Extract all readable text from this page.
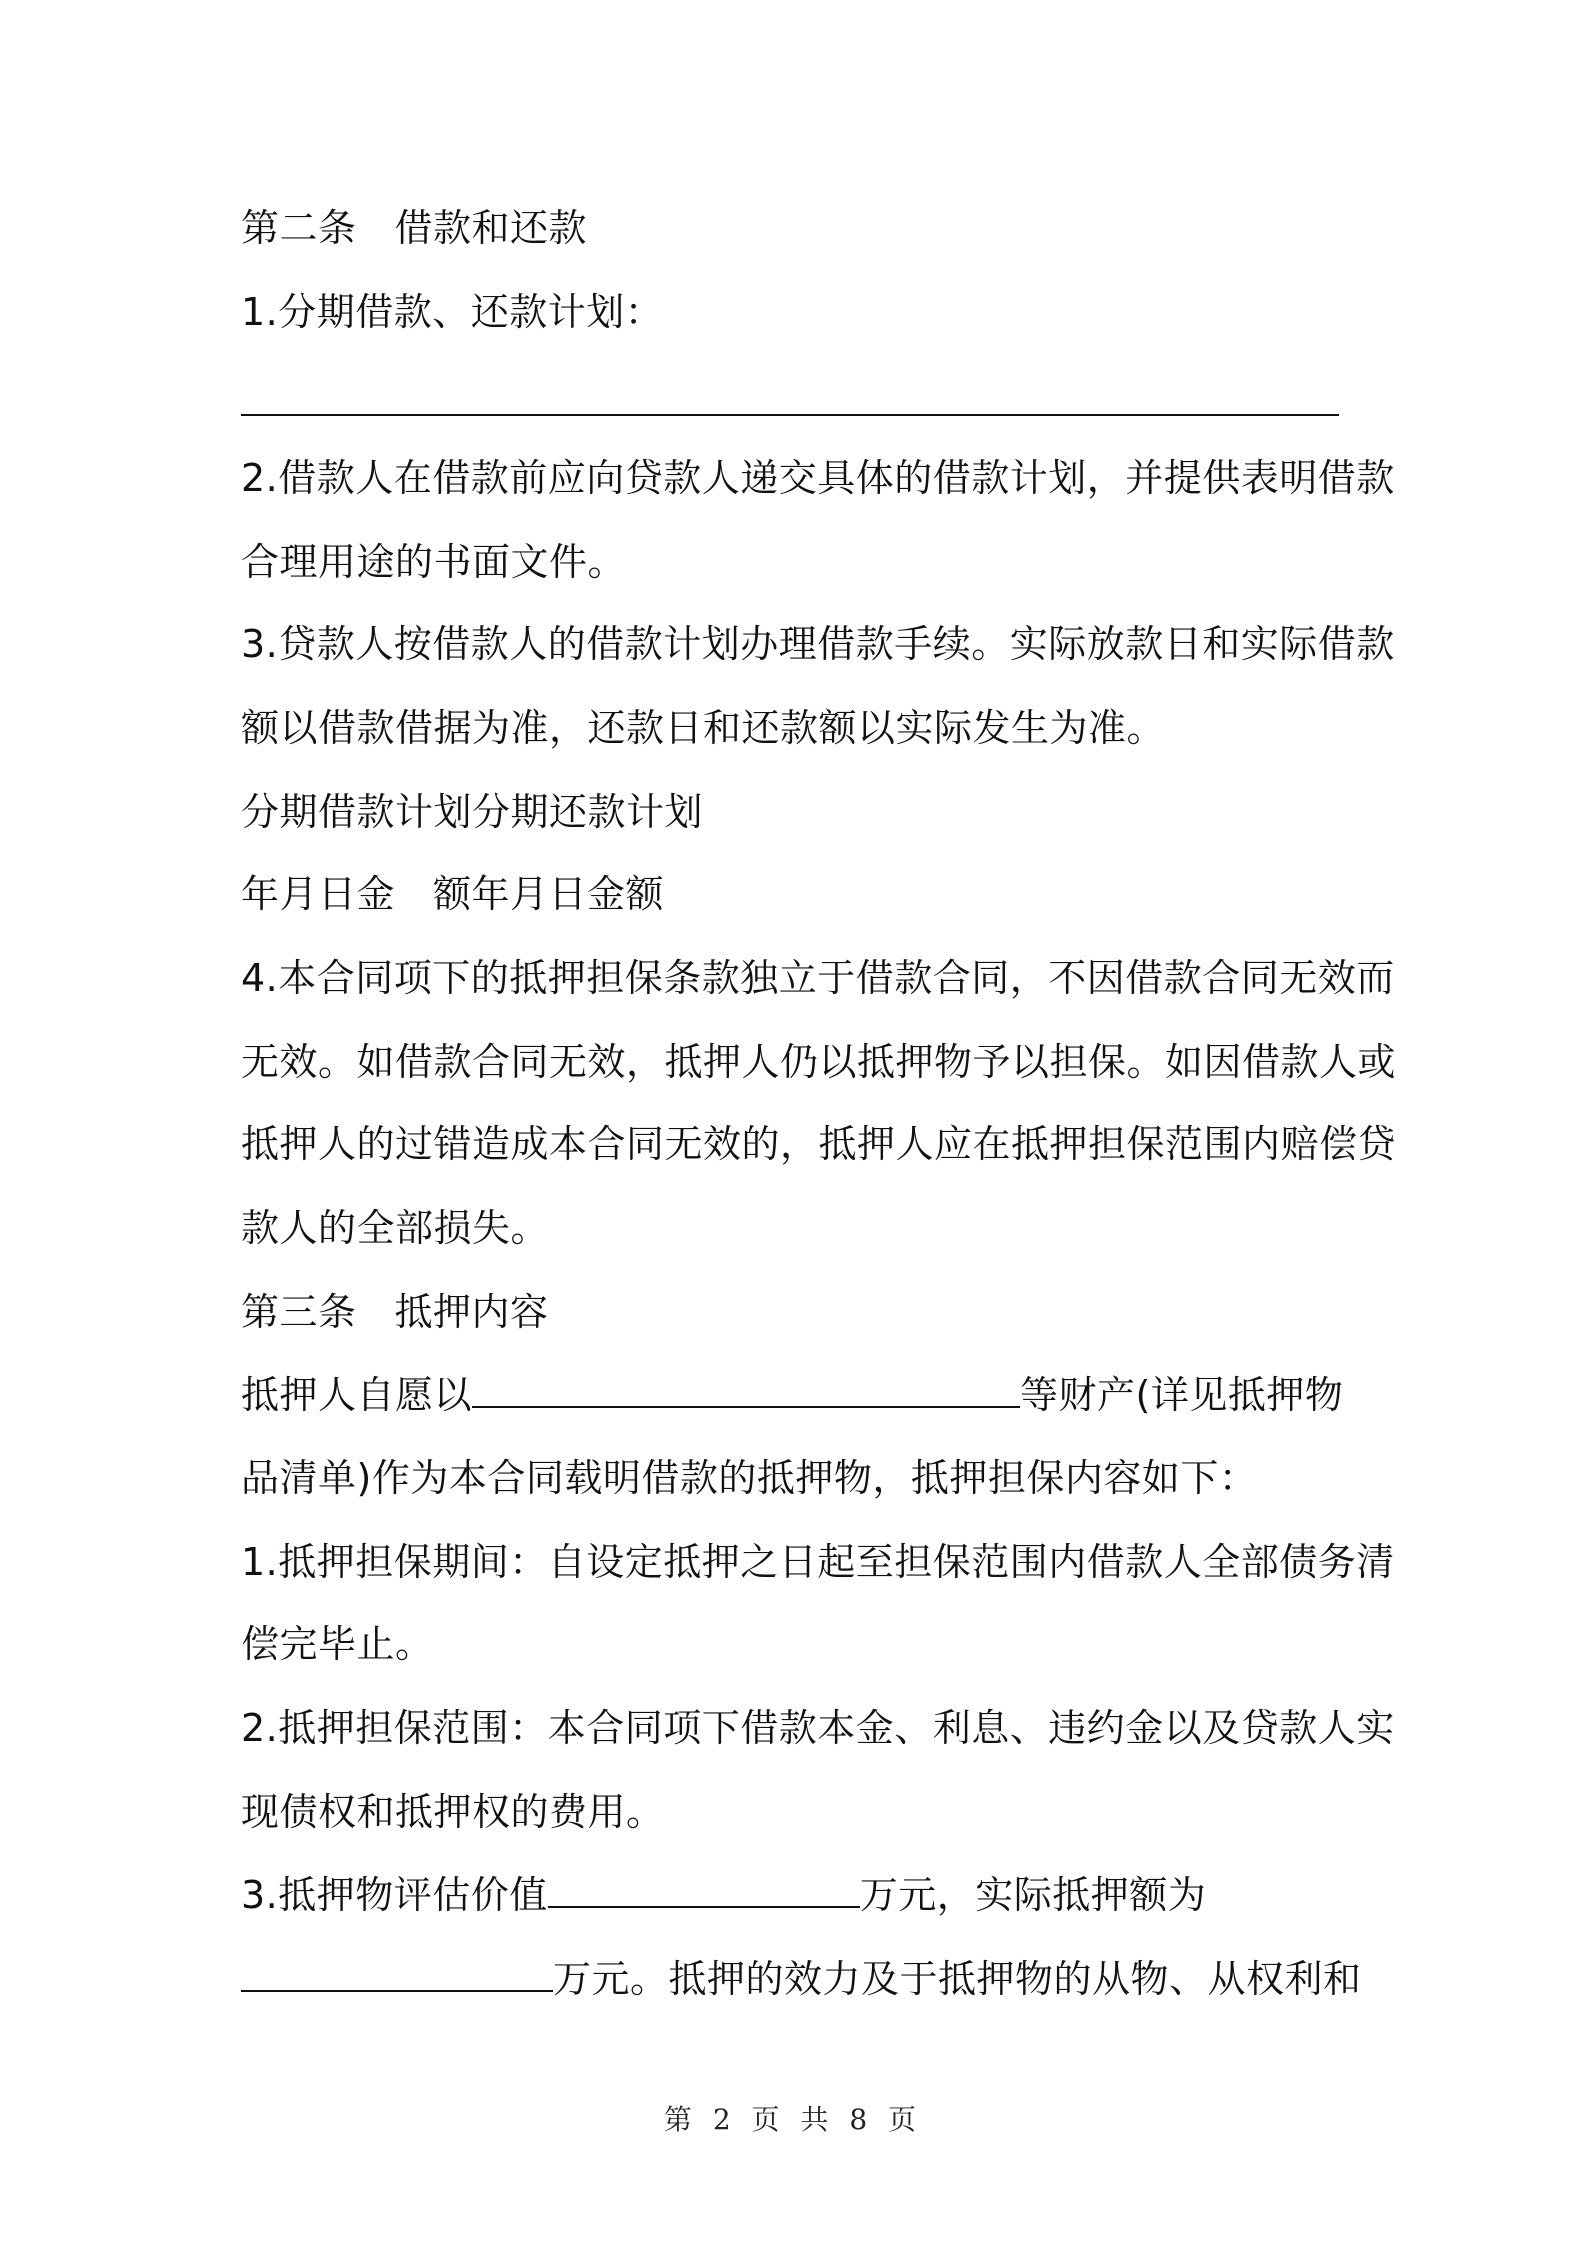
第二条 借款和还款
1.分期借款、还款计划：
2.借款人在借款前应向贷款人递交具体的借款计划，并提供表明借款
合理用途的书面文件。
3.贷款人按借款人的借款计划办理借款手续。实际放款日和实际借款
额以借款借据为准，还款日和还款额以实际发生为准。
分期借款计划分期还款计划
年月日金 额年月日金额
4.本合同项下的抵押担保条款独立于借款合同，不因借款合同无效而
无效。如借款合同无效，抵押人仍以抵押物予以担保。如因借款人或
抵押人的过错造成本合同无效的，抵押人应在抵押担保范围内赔偿贷
款人的全部损失。
第三条 抵押内容
抵押人自愿以	等财产(详见抵押物
品清单)作为本合同载明借款的抵押物，抵押担保内容如下：
1.抵押担保期间：自设定抵押之日起至担保范围内借款人全部债务清
偿完毕止。
2.抵押担保范围：本合同项下借款本金、利息、违约金以及贷款人实
现债权和抵押权的费用。
3.抵押物评估价值	万元，实际抵押额为
万元。抵押的效力及于抵押物的从物、从权利和
第 2 页 共 8 页
